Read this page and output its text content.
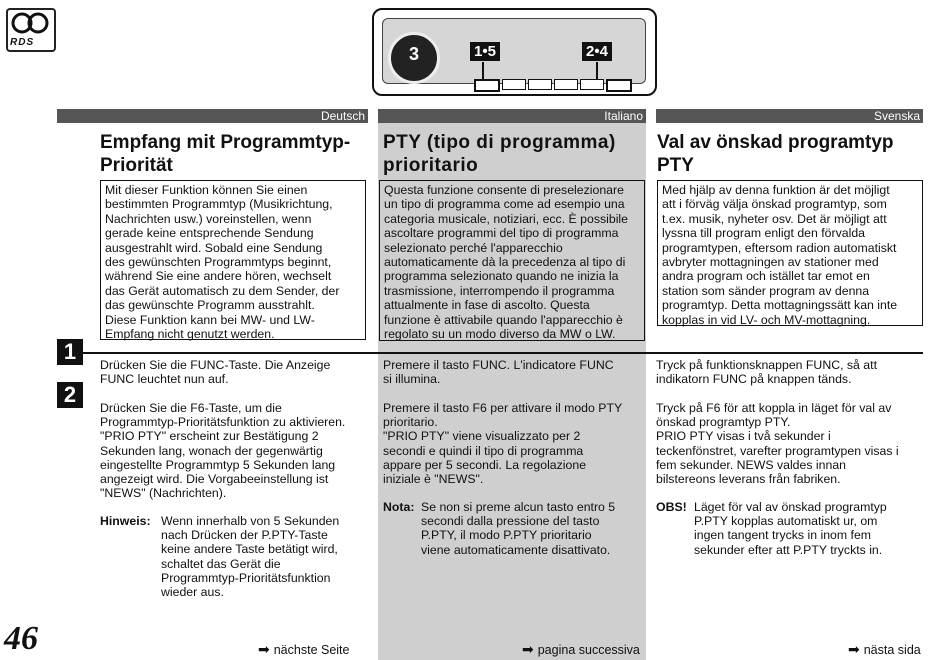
RDS
3	1•5	2•4
Deutsch	Italiano	Svenska
Empfang mit Programmtyp-
Priorität
PTY (tipo di programma)
prioritario
Val av önskad programtyp
PTY
Mit dieser Funktion können Sie einen
bestimmten Programmtyp (Musikrichtung,
Nachrichten usw.) voreinstellen, wenn
gerade keine entsprechende Sendung
ausgestrahlt wird. Sobald eine Sendung
des gewünschten Programmtyps beginnt,
während Sie eine andere hören, wechselt
das Gerät automatisch zu dem Sender, der
das gewünschte Programm ausstrahlt.
Diese Funktion kann bei MW- und LW-
Empfang nicht genutzt werden.
Questa funzione consente di preselezionare
un tipo di programma come ad esempio una
categoria musicale, notiziari, ecc. È possibile
ascoltare programmi del tipo di programma
selezionato perché l'apparecchio
automaticamente dà la precedenza al tipo di
programma selezionato quando ne inizia la
trasmissione, interrompendo il programma
attualmente in fase di ascolto. Questa
funzione è attivabile quando l'apparecchio è
regolato su un modo diverso da MW o LW.
Med hjälp av denna funktion är det möjligt
att i förväg välja önskad programtyp, som
t.ex. musik, nyheter osv. Det är möjligt att
lyssna till program enligt den förvalda
programtypen, eftersom radion automatiskt
avbryter mottagningen av stationer med
andra program och istället tar emot en
station som sänder program av denna
programtyp. Detta mottagningssätt kan inte
kopplas in vid LV- och MV-mottagning.
1
2
Drücken Sie die FUNC-Taste. Die Anzeige
FUNC leuchtet nun auf.
Premere il tasto FUNC. L'indicatore FUNC
si illumina.
Tryck på funktionsknappen FUNC, så att
indikatorn FUNC på knappen tänds.
Drücken Sie die F6-Taste, um die
Programmtyp-Prioritätsfunktion zu aktivieren.
"PRIO PTY" erscheint zur Bestätigung 2
Sekunden lang, wonach der gegenwärtig
eingestellte Programmtyp 5 Sekunden lang
angezeigt wird. Die Vorgabeeinstellung ist
"NEWS" (Nachrichten).
Premere il tasto F6 per attivare il modo PTY
prioritario.
"PRIO PTY" viene visualizzato per 2
secondi e quindi il tipo di programma
appare per 5 secondi. La regolazione
iniziale è "NEWS".
Tryck på F6 för att koppla in läget för val av
önskad programtyp PTY.
PRIO PTY visas i två sekunder i
teckenfönstret, varefter programtypen visas i
fem sekunder. NEWS valdes innan
bilstereons leverans från fabriken.
Hinweis: Wenn innerhalb von 5 Sekunden
nach Drücken der P.PTY-Taste
keine andere Taste betätigt wird,
schaltet das Gerät die
Programmtyp-Prioritätsfunktion
wieder aus.
Nota: Se non si preme alcun tasto entro 5
secondi dalla pressione del tasto
P.PTY, il modo P.PTY prioritario
viene automaticamente disattivato.
OBS! Läget för val av önskad programtyp
P.PTY kopplas automatiskt ur, om
ingen tangent trycks in inom fem
sekunder efter att P.PTY tryckts in.
46	➡ nächste Seite	➡ pagina successiva	➡ nästa sida
